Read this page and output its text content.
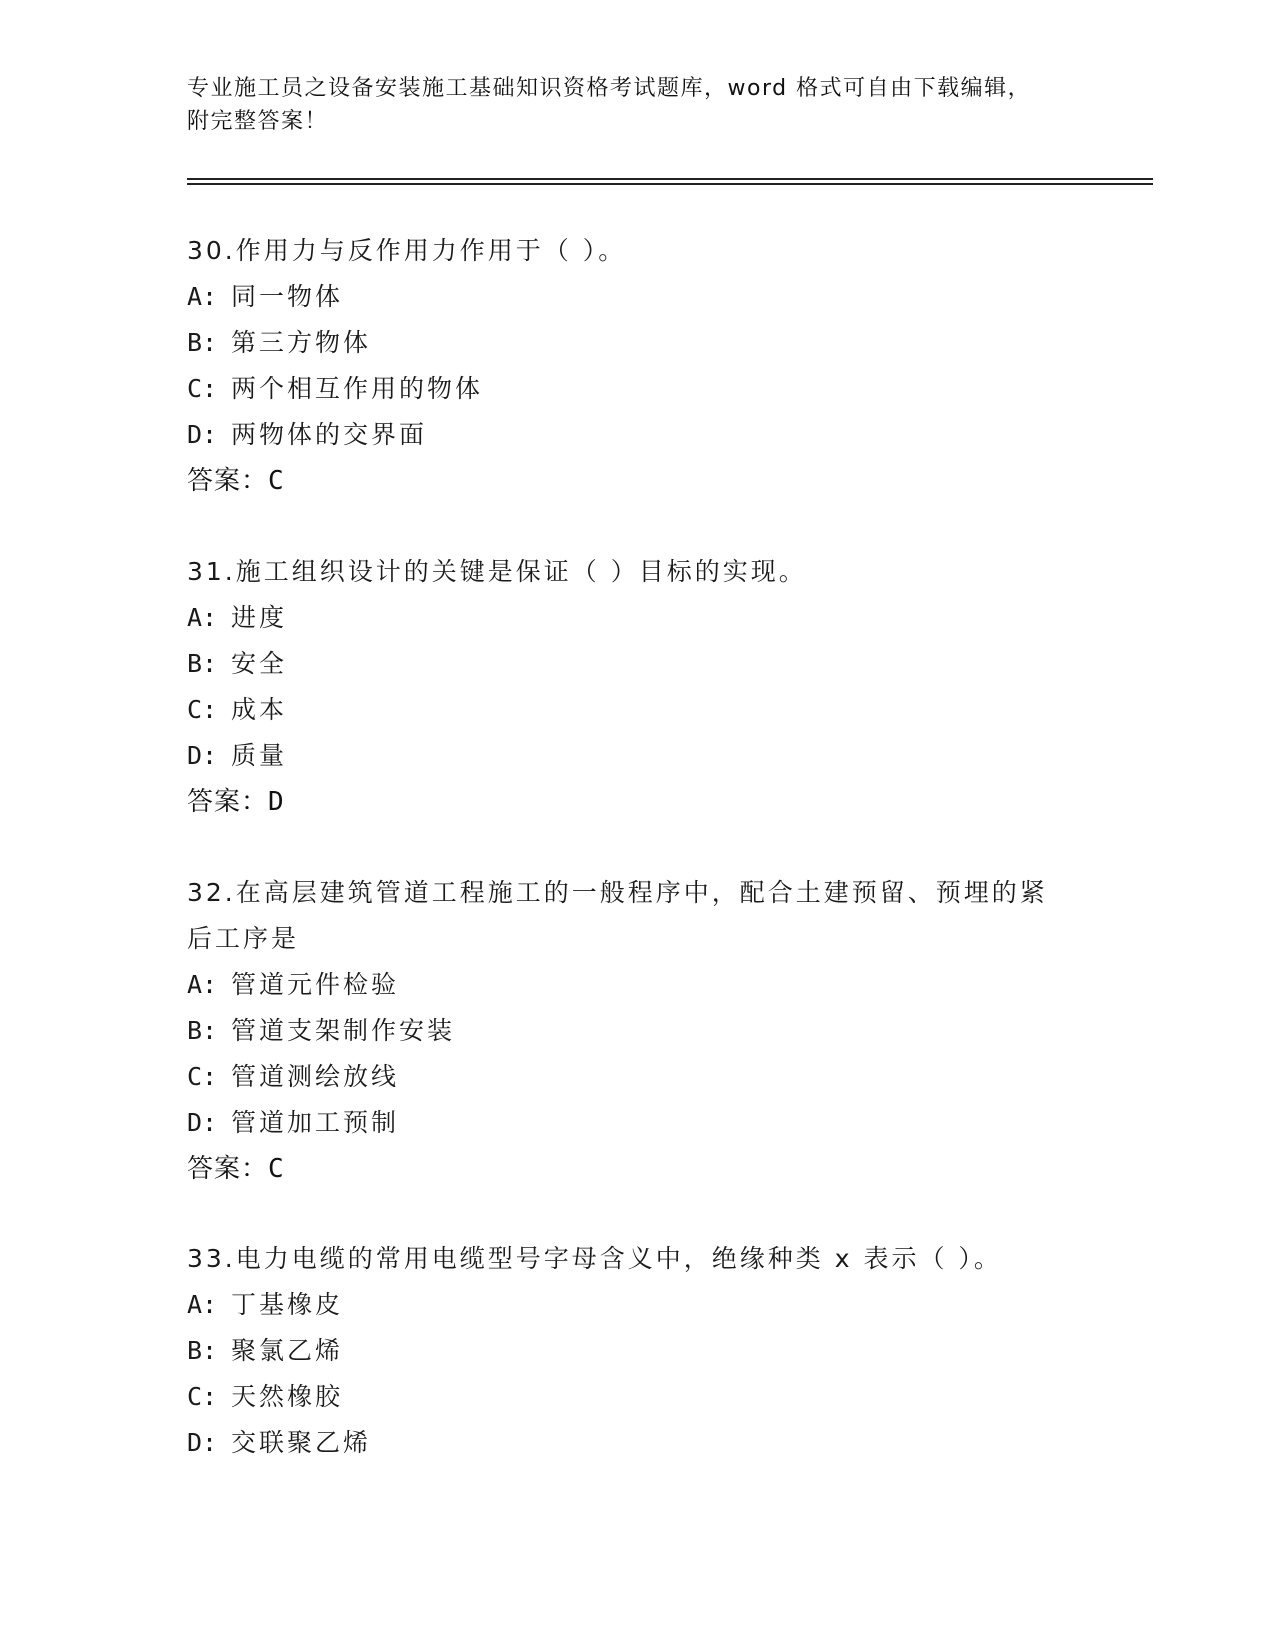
专业施工员之设备安装施工基础知识资格考试题库，word 格式可自由下载编辑，
附完整答案！
30.作用力与反作用力作用于（ ）。
A: 同一物体
B: 第三方物体
C: 两个相互作用的物体
D: 两物体的交界面
答案：C
31.施工组织设计的关键是保证（ ）目标的实现。
A: 进度
B: 安全
C: 成本
D: 质量
答案：D
32.在高层建筑管道工程施工的一般程序中，配合土建预留、预埋的紧
后工序是
A: 管道元件检验
B: 管道支架制作安装
C: 管道测绘放线
D: 管道加工预制
答案：C
33.电力电缆的常用电缆型号字母含义中，绝缘种类 x 表示（ ）。
A: 丁基橡皮
B: 聚氯乙烯
C: 天然橡胶
D: 交联聚乙烯
